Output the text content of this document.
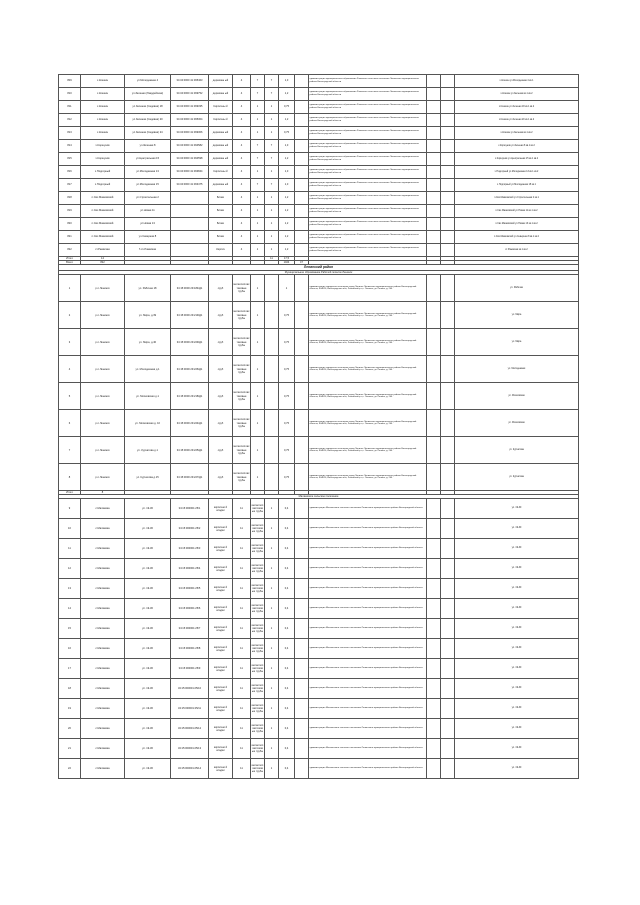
809	х.Кошкин	ул.Молодежная 4	34:34:0000 41:395463	деревянн ый	4	7	7	1,3		администрация муниципального образования Ржевского сельского поселения Ленинского муниципального района Волгоградской области			х.Кошкин ул.Молодежная 4 кв.1
810	х.Кошкин	ул.Зеленая (Гвардейская)	34:34:0000 41:399752	деревянн ый	4	7	7	1,2		администрация муниципального образования Ржевского сельского поселения Ленинского муниципального района Волгоградской области			х.Кошкин ул.Зеленая кв.1 кв.2
811	х.Кошкин	ул.Зеленая (Садовая) 18	34:34:0000 41:399335	Кирпичны й	4	1	1	0,75		администрация муниципального образования Ржевского сельского поселения Ленинского муниципального района Волгоградской области			х.Кошкин ул.Зеленая 18 кв.1 кв.2
812	х.Кошкин	ул.Зеленая (Садовая) 20	34:34:0000 41:395304	Кирпичны й	4	1	1	1,2		администрация муниципального образования Ржевского сельского поселения Ленинского муниципального района Волгоградской области			х.Кошкин ул.Зеленая 20 кв.1 кв.2
813	х.Кошкин	ул.Зеленая (Садовая) 24	34:34:0000 41:399306	деревянн ый	4	1	1	0,75		администрация муниципального образования Ржевского сельского поселения Ленинского муниципального района Волгоградской области			х.Кошкин ул.Зеленая кв.1 кв.2
814	х.Коршунов	ул.Зеленая 8	34:34:0000 41:394582	деревянн ый	4	7	7	1,3		администрация муниципального образования Ржевского сельского поселения Ленинского муниципального района Волгоградской области			х.Коршунов ул.Зеленая 8 кв.1 кв.2
815	х.Коршунов	ул.Центральная 15	34:34:0000 41:394598	деревянн ый	4	7	7	1,2		администрация муниципального образования Ржевского сельского поселения Ленинского муниципального района Волгоградской области			х.Коршунов ул.Центральная 15 кв.1 кв.2
816	х.Подгорный	ул.Молодежная 13	34:34:0000 41:393844	Кирпичны й	4	1	1	1,3		администрация муниципального образования Ржевского сельского поселения Ленинского муниципального района Волгоградской области			х.Подгорный ул.Молодежная 13 кв.1 кв.2
817	х.Подгорный	ул.Молодежная 15	34:34:0000 41:393475	деревянн ый	4	7	7	1,3		администрация муниципального образования Ржевского сельского поселения Ленинского муниципального района Волгоградской области			х.Подгорный ул.Молодежная 15 кв.1
818	п.Свх.Маяковский	ул.Строительная 2		Блоки	4	1	1	1,2		администрация муниципального образования Ржевского сельского поселения Ленинского муниципального района Волгоградской области			п.Свх.Маяковский ул.Строительная 2 кв.1
819	п.Свх.Маяковский	ул.Новая 11		Блоки	4	1	1	1,2		администрация муниципального образования Ржевского сельского поселения Ленинского муниципального района Волгоградской области			п.Свх.Маяковский ул.Новая 11 кв.1 кв.2
820	п.Свх.Маяковский	ул.Новая 13		Блоки	4	1	1	1,2		администрация муниципального образования Ржевского сельского поселения Ленинского муниципального района Волгоградской области			п.Свх.Маяковский ул.Новая 13 кв.1 кв.2
821	п.Свх.Маяковский	ул.Северная 8		Блоки	4	1	1	1,2		администрация муниципального образования Ржевского сельского поселения Ленинского муниципального района Волгоградской области			п.Свх.Маяковский ул.Северная 8 кв.1 кв.2
822	ст.Ржевская	Г-сх.Ржевская		Кирпич	4	1	1	1,2		администрация муниципального образования Ржевского сельского поселения Ленинского муниципального района Волгоградской области			ст.Ржевская кв.1 кв.2
Итого	14						11	17,5					
Всего	822							1024	47				
Ленинский район													
Муниципальное образование Рабочий поселок Ленинск													
1	р.п.Ленинск	ул. Рабочая 18	34:15:0000 29:184/Д1	сруб	металлопластиковые трубы	1		1		администрация городского поселения город Ленинск Ленинского муниципального района Волгоградской области, 404620, Волгоградская обл, Ленинский р-н, г Ленинск, ул Ленина, д. 206			ул. Рабочая
2	р.п.Ленинск	ул. Мира, д.39	34:15:0000 29:219/Д1	сруб	металлопластиковые трубы	1		0,75		администрация городского поселения город Ленинск Ленинского муниципального района Волгоградской области, 404620, Волгоградская обл, Ленинский р-н, г Ленинск, ул Ленина, д. 206			ул. Мира
3	р.п.Ленинск	ул. Мира, д.40	34:15:0000 29:229/Д1	сруб	металлопластиковые трубы	1		0,75		администрация городского поселения город Ленинск Ленинского муниципального района Волгоградской области, 404620, Волгоградская обл, Ленинский р-н, г Ленинск, ул Ленина, д. 206			ул. Мира
4	р.п.Ленинск	ул. Молодежная д.1	34:15:0000 29:226/Д1	сруб	металлопластиковые трубы	1		0,75		администрация городского поселения город Ленинск Ленинского муниципального района Волгоградской области, 404620, Волгоградская обл, Ленинский р-н, г Ленинск, ул Ленина, д. 206			ул. Молодежная
5	р.п.Ленинск	ул. Московская д.1	34:15:0000 29:218/Д1	сруб	металлопластиковые трубы	1		0,75		администрация городского поселения город Ленинск Ленинского муниципального района Волгоградской области, 404620, Волгоградская обл, Ленинский р-н, г Ленинск, ул Ленина, д. 206			ул. Московская
6	р.п.Ленинск	ул. Московская д. 10	34:15:0000 29:224/Д1	сруб	металлопластиковые трубы	1		0,75		администрация городского поселения город Ленинск Ленинского муниципального района Волгоградской области, 404620, Волгоградская обл, Ленинский р-н, г Ленинск, ул Ленина, д. 206			ул. Московская
7	р.п.Ленинск	ул. Курчатова д.1	34:15:0000 29:225/Д1	сруб	металлопластиковые трубы	1		0,75		администрация городского поселения город Ленинск Ленинского муниципального района Волгоградской области, 404620, Волгоградская обл, Ленинский р-н, г Ленинск, ул Ленина, д. 206			ул. Курчатова
8	р.п.Ленинск	ул. Курчатова д.15	34:15:0000 29:227/Д1	сруб	металлопластиковые трубы	1		0,75		администрация городского поселения город Ленинск Ленинского муниципального района Волгоградской области, 404620, Волгоградская обл, Ленинский р-н, г Ленинск, ул Ленина, д. 206			ул. Курчатова
Итого	8												
Маляевское сельское поселение													
9	с.Маляевка	ул. 19-30	34:15:000001:25/1	кирпично й кладки	11	металлопластиковые трубы	1	0,4		администрация Маляевского сельского поселения Ленинского муниципального района Волгоградской области			ул. 19-30
10	с.Маляевка	ул. 19-30	34:15:000001:25/2	кирпично й кладки	11	металлопластиковые трубы	1	0,4		администрация Маляевского сельского поселения Ленинского муниципального района Волгоградской области			ул. 19-30
11	с.Маляевка	ул. 19-30	34:15:000001:25/3	кирпично й кладки	11	металлопластиковые трубы	1	0,4		администрация Маляевского сельского поселения Ленинского муниципального района Волгоградской области			ул. 19-30
12	с.Маляевка	ул. 19-30	34:15:000001:25/4	кирпично й кладки	11	металлопластиковые трубы	1	0,4		администрация Маляевского сельского поселения Ленинского муниципального района Волгоградской области			ул. 19-30
13	с.Маляевка	ул. 19-30	34:15:000001:25/5	кирпично й кладки	11	металлопластиковые трубы	1	0,4		администрация Маляевского сельского поселения Ленинского муниципального района Волгоградской области			ул. 19-30
14	с.Маляевка	ул. 19-30	34:15:000001:25/6	кирпично й кладки	11	металлопластиковые трубы	1	0,4		администрация Маляевского сельского поселения Ленинского муниципального района Волгоградской области			ул. 19-30
15	с.Маляевка	ул. 19-30	34:15:000001:25/7	кирпично й кладки	11	металлопластиковые трубы	1	0,4		администрация Маляевского сельского поселения Ленинского муниципального района Волгоградской области			ул. 19-30
16	с.Маляевка	ул. 19-30	34:15:000001:25/8	кирпично й кладки	11	металлопластиковые трубы	1	0,4		администрация Маляевского сельского поселения Ленинского муниципального района Волгоградской области			ул. 19-30
17	с.Маляевка	ул. 19-30	34:15:000001:25/9	кирпично й кладки	11	металлопластиковые трубы	1	0,4		администрация Маляевского сельского поселения Ленинского муниципального района Волгоградской области			ул. 19-30
18	с.Маляевка	ул. 19-30	34:15:000001:25/10	кирпично й кладки	11	металлопластиковые трубы	1	0,4		администрация Маляевского сельского поселения Ленинского муниципального района Волгоградской области			ул. 19-30
19	с.Маляевка	ул. 19-30	34:15:000001:25/11	кирпично й кладки	11	металлопластиковые трубы	1	0,4		администрация Маляевского сельского поселения Ленинского муниципального района Волгоградской области			ул. 19-30
20	с.Маляевка	ул. 19-30	34:15:000001:25/12	кирпично й кладки	11	металлопластиковые трубы	1	0,4		администрация Маляевского сельского поселения Ленинского муниципального района Волгоградской области			ул. 19-30
21	с.Маляевка	ул. 19-30	34:15:000001:25/13	кирпично й кладки	11	металлопластиковые трубы	1	0,4		администрация Маляевского сельского поселения Ленинского муниципального района Волгоградской области			ул. 19-30
22	с.Маляевка	ул. 19-30	34:15:000001:25/14	кирпично й кладки	11	металлопластиковые трубы	1	0,4		администрация Маляевского сельского поселения Ленинского муниципального района Волгоградской области			ул. 19-30
